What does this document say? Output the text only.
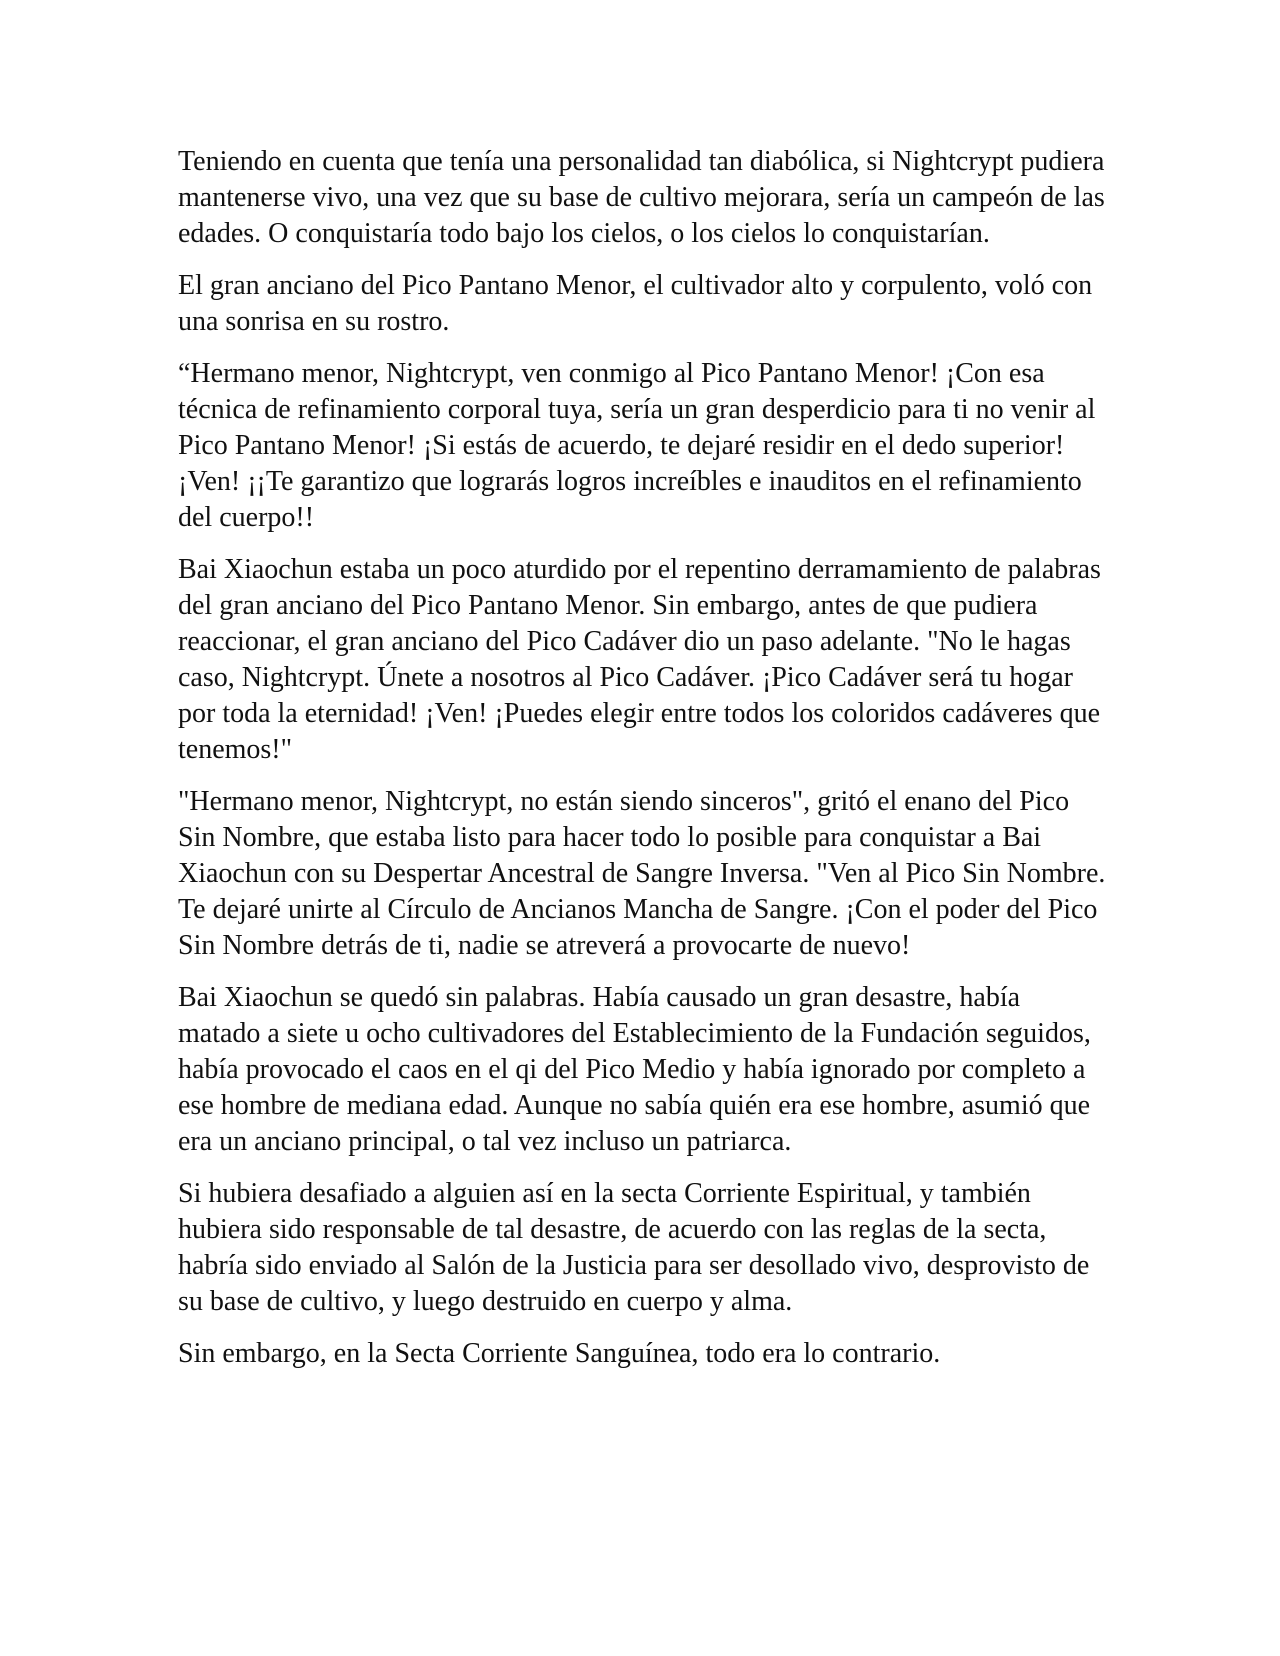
Teniendo en cuenta que tenía una personalidad tan diabólica, si Nightcrypt pudiera mantenerse vivo, una vez que su base de cultivo mejorara, sería un campeón de las edades. O conquistaría todo bajo los cielos, o los cielos lo conquistarían.

El gran anciano del Pico Pantano Menor, el cultivador alto y corpulento, voló con una sonrisa en su rostro.

“Hermano menor, Nightcrypt, ven conmigo al Pico Pantano Menor! ¡Con esa técnica de refinamiento corporal tuya, sería un gran desperdicio para ti no venir al Pico Pantano Menor! ¡Si estás de acuerdo, te dejaré residir en el dedo superior! ¡Ven! ¡¡Te garantizo que lograrás logros increíbles e inauditos en el refinamiento del cuerpo!!

Bai Xiaochun estaba un poco aturdido por el repentino derramamiento de palabras del gran anciano del Pico Pantano Menor. Sin embargo, antes de que pudiera reaccionar, el gran anciano del Pico Cadáver dio un paso adelante. "No le hagas caso, Nightcrypt. Únete a nosotros al Pico Cadáver. ¡Pico Cadáver será tu hogar por toda la eternidad! ¡Ven! ¡Puedes elegir entre todos los coloridos cadáveres que tenemos!"

"Hermano menor, Nightcrypt, no están siendo sinceros", gritó el enano del Pico Sin Nombre, que estaba listo para hacer todo lo posible para conquistar a Bai Xiaochun con su Despertar Ancestral de Sangre Inversa. "Ven al Pico Sin Nombre. Te dejaré unirte al Círculo de Ancianos Mancha de Sangre. ¡Con el poder del Pico Sin Nombre detrás de ti, nadie se atreverá a provocarte de nuevo!

Bai Xiaochun se quedó sin palabras. Había causado un gran desastre, había matado a siete u ocho cultivadores del Establecimiento de la Fundación seguidos, había provocado el caos en el qi del Pico Medio y había ignorado por completo a ese hombre de mediana edad. Aunque no sabía quién era ese hombre, asumió que era un anciano principal, o tal vez incluso un patriarca.

Si hubiera desafiado a alguien así en la secta Corriente Espiritual, y también hubiera sido responsable de tal desastre, de acuerdo con las reglas de la secta, habría sido enviado al Salón de la Justicia para ser desollado vivo, desprovisto de su base de cultivo, y luego destruido en cuerpo y alma.

Sin embargo, en la Secta Corriente Sanguínea, todo era lo contrario.
